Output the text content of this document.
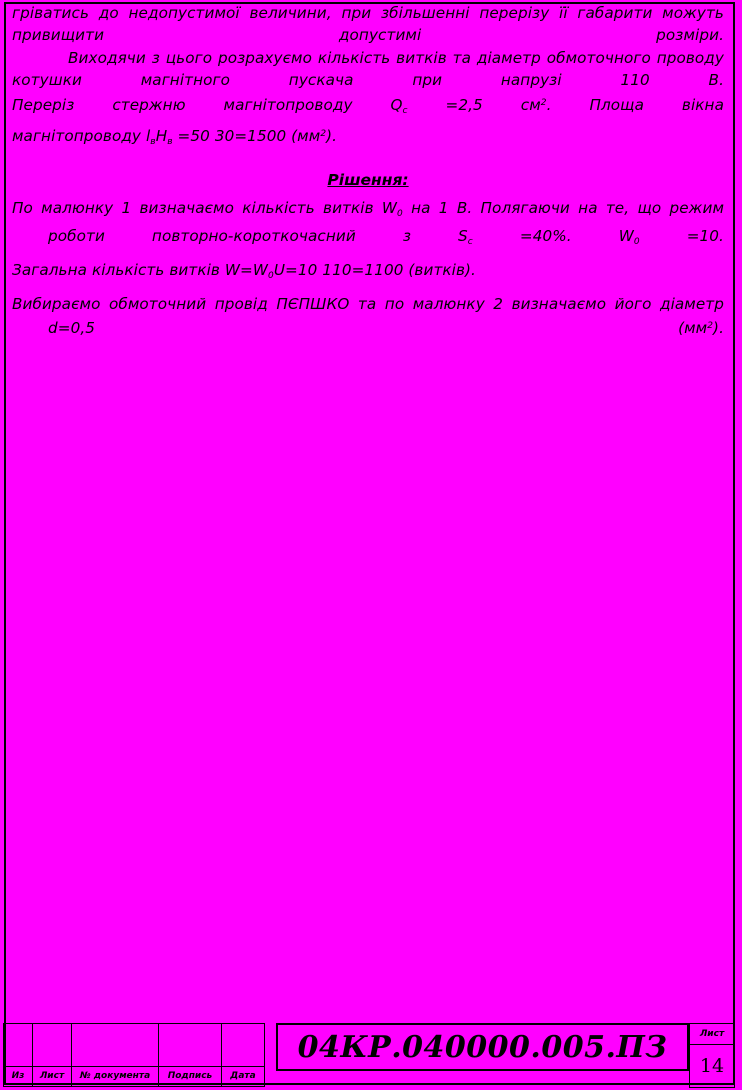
гріватись до недопустимої величини, при збільшенні перерізу її габарити можуть привищити допустимі розміри.

Виходячи з цього розрахуємо кількість витків та діаметр обмоточного проводу котушки магнітного пускача при напрузі 110 В.

Переріз стержню магнітопроводу $Q_с =2,5$ $см^2$. Площа вікна

магнітопроводу $l_вH_в =50$ 30=1500 $(мм^2)$.

Рішення:

По малюнку 1 визначаємо кількість витків $W_0$ на 1 В. Полягаючи на те, що режим роботи повторно-короткочасний з $S_с =40\%$. $W_0 =10$.

Загальна кількість витків $W=W_0U=10$ 110=1100 (витків).

Вибираємо обмоточний провід ПЄПШКО та по малюнку 2 визначаємо його діаметр d=0,5 $(мм^2)$.

Из	Лист	№ документа	Подпись	Дата
04КР.040000.005.ПЗ	Лист
14
